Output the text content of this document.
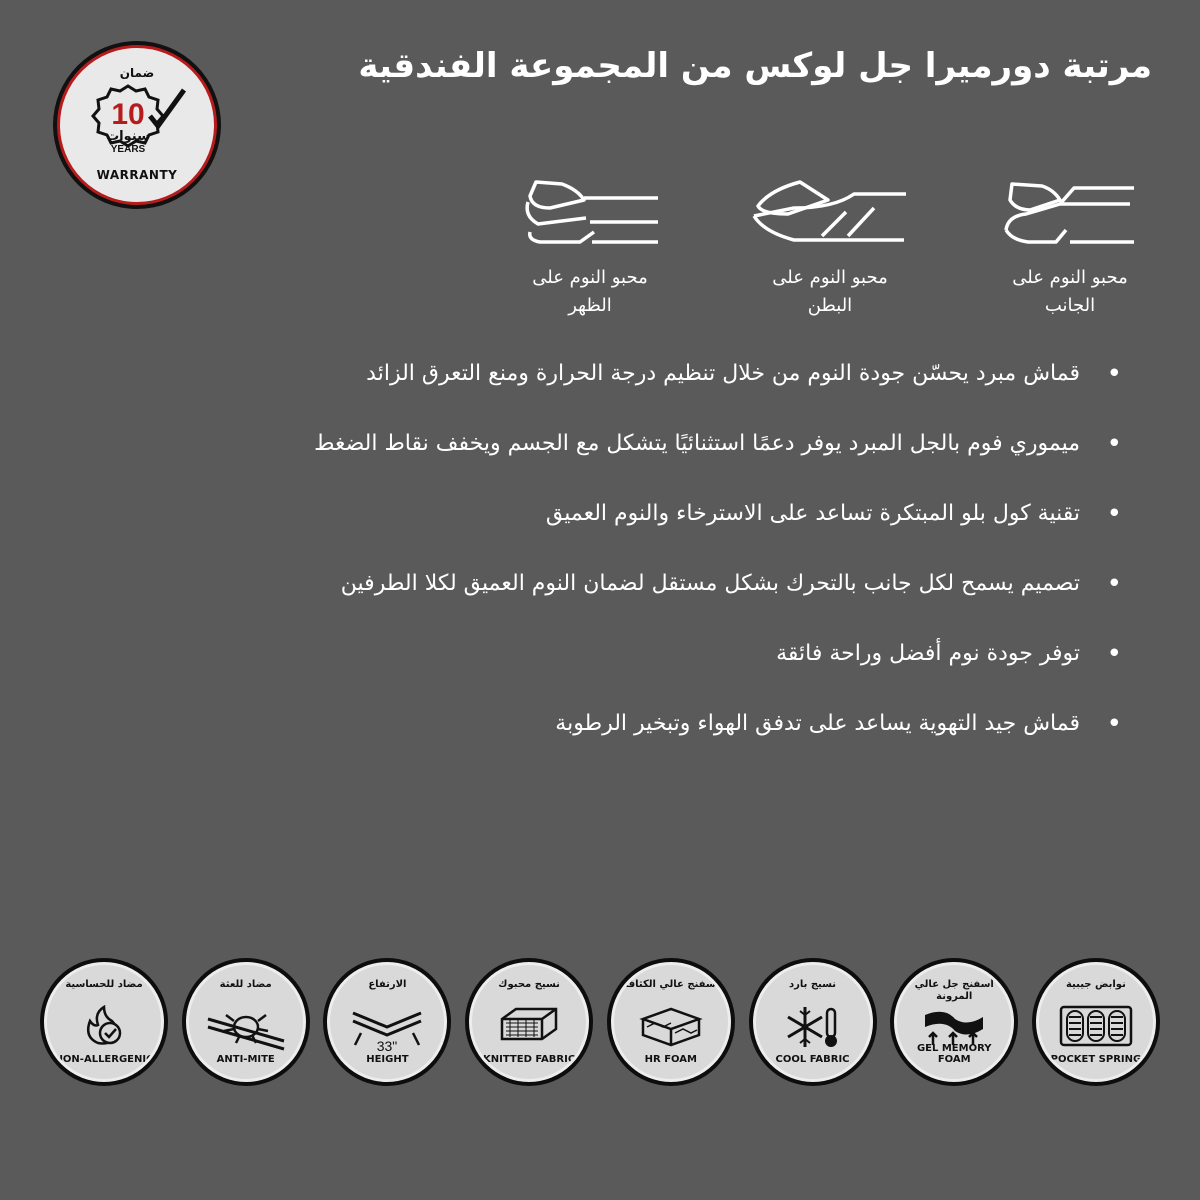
ضمان
10
سنوات
YEARS
WARRANTY
مرتبة دورميرا جل لوكس من المجموعة الفندقية
محبو النوم على الجانب
محبو النوم على البطن
محبو النوم على الظهر
• قماش مبرد يحسّن جودة النوم من خلال تنظيم درجة الحرارة ومنع التعرق الزائد
• ميموري فوم بالجل المبرد يوفر دعمًا استثنائيًا يتشكل مع الجسم ويخفف نقاط الضغط
• تقنية كول بلو المبتكرة تساعد على الاسترخاء والنوم العميق
• تصميم يسمح لكل جانب بالتحرك بشكل مستقل لضمان النوم العميق لكلا الطرفين
• توفر جودة نوم أفضل وراحة فائقة
• قماش جيد التهوية يساعد على تدفق الهواء وتبخير الرطوبة
مضاد للحساسية
NON-ALLERGENIC
مضاد للعثة
ANTI-MITE
الارتفاع
33"
HEIGHT
نسيج محبوك
KNITTED FABRIC
أسفنج عالي الكثافة
HR FOAM
نسيج بارد
COOL FABRIC
أسفنج جل عالي المرونة
GEL MEMORY FOAM
نوابض جيبية
POCKET SPRING
